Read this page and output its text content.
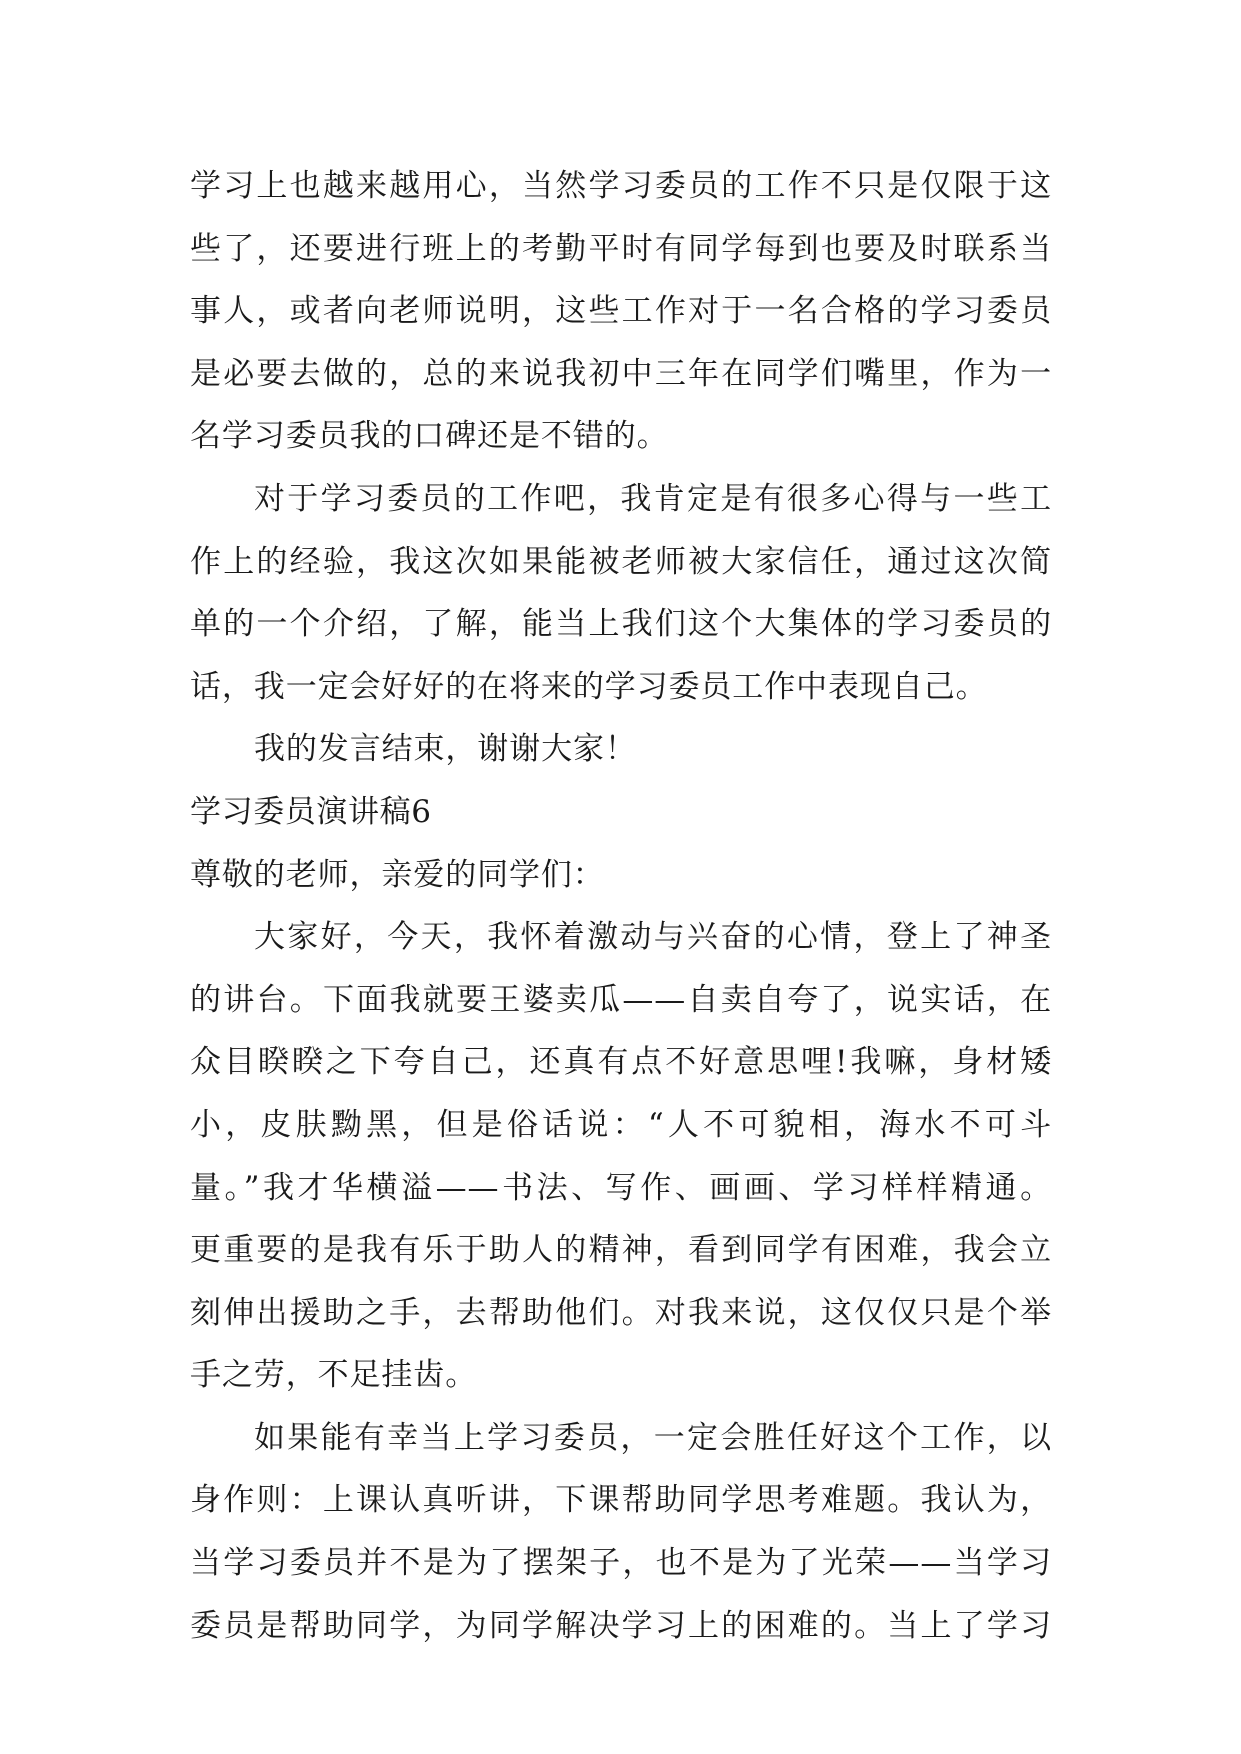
学习上也越来越用心，当然学习委员的工作不只是仅限于这
些了，还要进行班上的考勤平时有同学每到也要及时联系当
事人，或者向老师说明，这些工作对于一名合格的学习委员
是必要去做的，总的来说我初中三年在同学们嘴里，作为一
名学习委员我的口碑还是不错的。
对于学习委员的工作吧，我肯定是有很多心得与一些工
作上的经验，我这次如果能被老师被大家信任，通过这次简
单的一个介绍，了解，能当上我们这个大集体的学习委员的
话，我一定会好好的在将来的学习委员工作中表现自己。
我的发言结束，谢谢大家！
学习委员演讲稿6
尊敬的老师，亲爱的同学们：
大家好，今天，我怀着激动与兴奋的心情，登上了神圣
的讲台。下面我就要王婆卖瓜——自卖自夸了，说实话，在
众目睽睽之下夸自己，还真有点不好意思哩!我嘛，身材矮
小，皮肤黝黑，但是俗话说：“人不可貌相，海水不可斗
量。”我才华横溢——书法、写作、画画、学习样样精通。
更重要的是我有乐于助人的精神，看到同学有困难，我会立
刻伸出援助之手，去帮助他们。对我来说，这仅仅只是个举
手之劳，不足挂齿。
如果能有幸当上学习委员，一定会胜任好这个工作，以
身作则：上课认真听讲，下课帮助同学思考难题。我认为，
当学习委员并不是为了摆架子，也不是为了光荣——当学习
委员是帮助同学，为同学解决学习上的困难的。当上了学习
